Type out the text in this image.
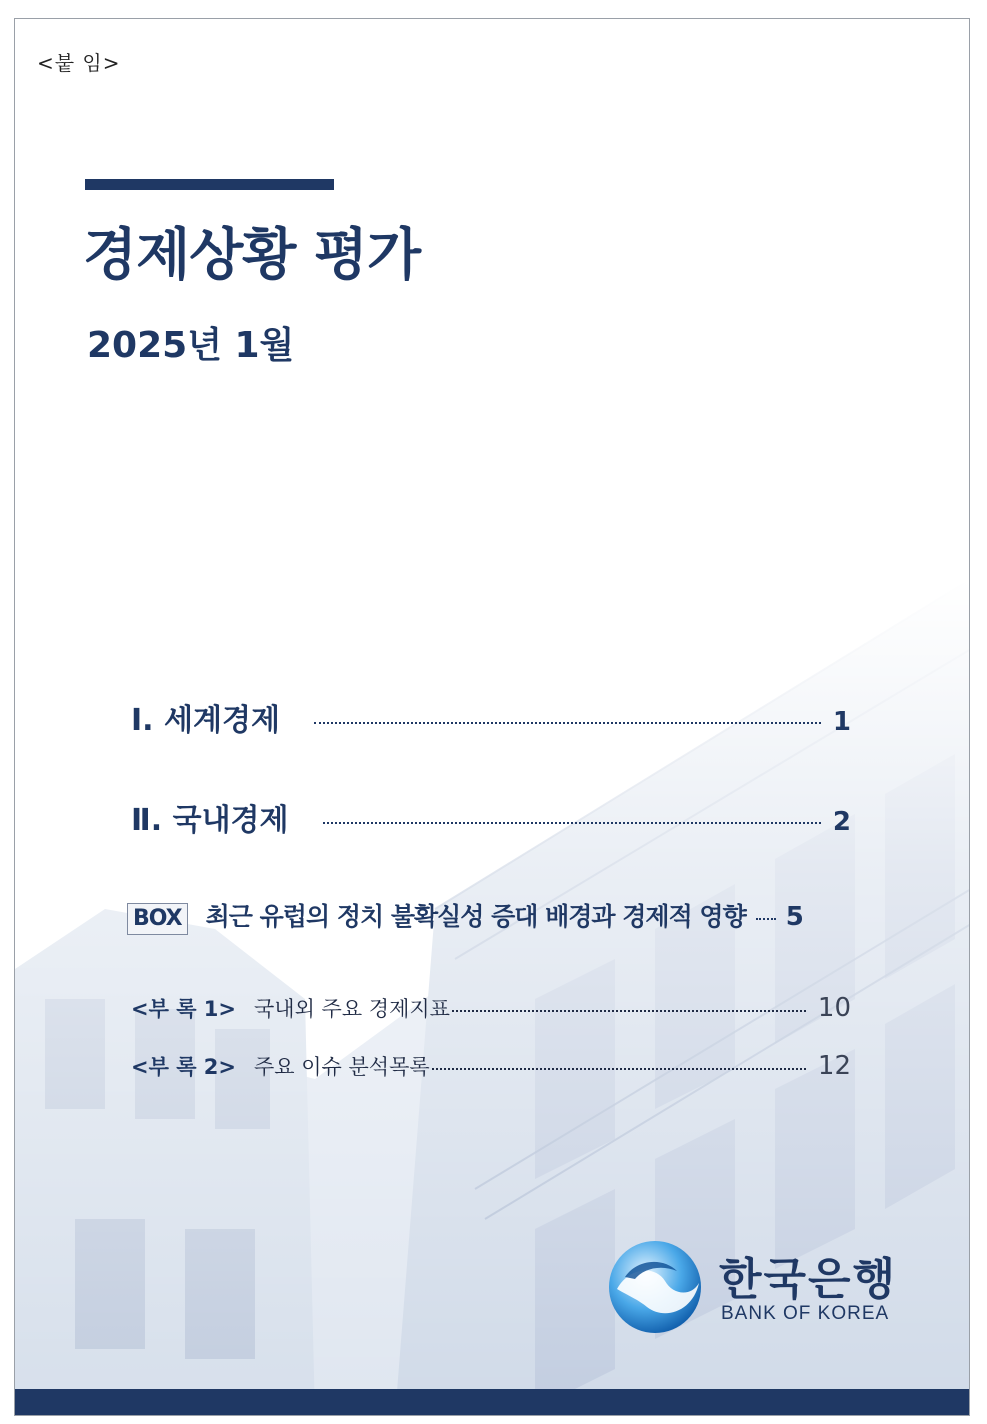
<붙 임>
경제상황 평가
2025년 1월
Ⅰ. 세계경제	1
Ⅱ. 국내경제	2
BOX 최근 유럽의 정치 불확실성 증대 배경과 경제적 영향 5
<부 록 1> 국내외 주요 경제지표	10
<부 록 2> 주요 이슈 분석목록	12
한국은행
BANK OF KOREA
